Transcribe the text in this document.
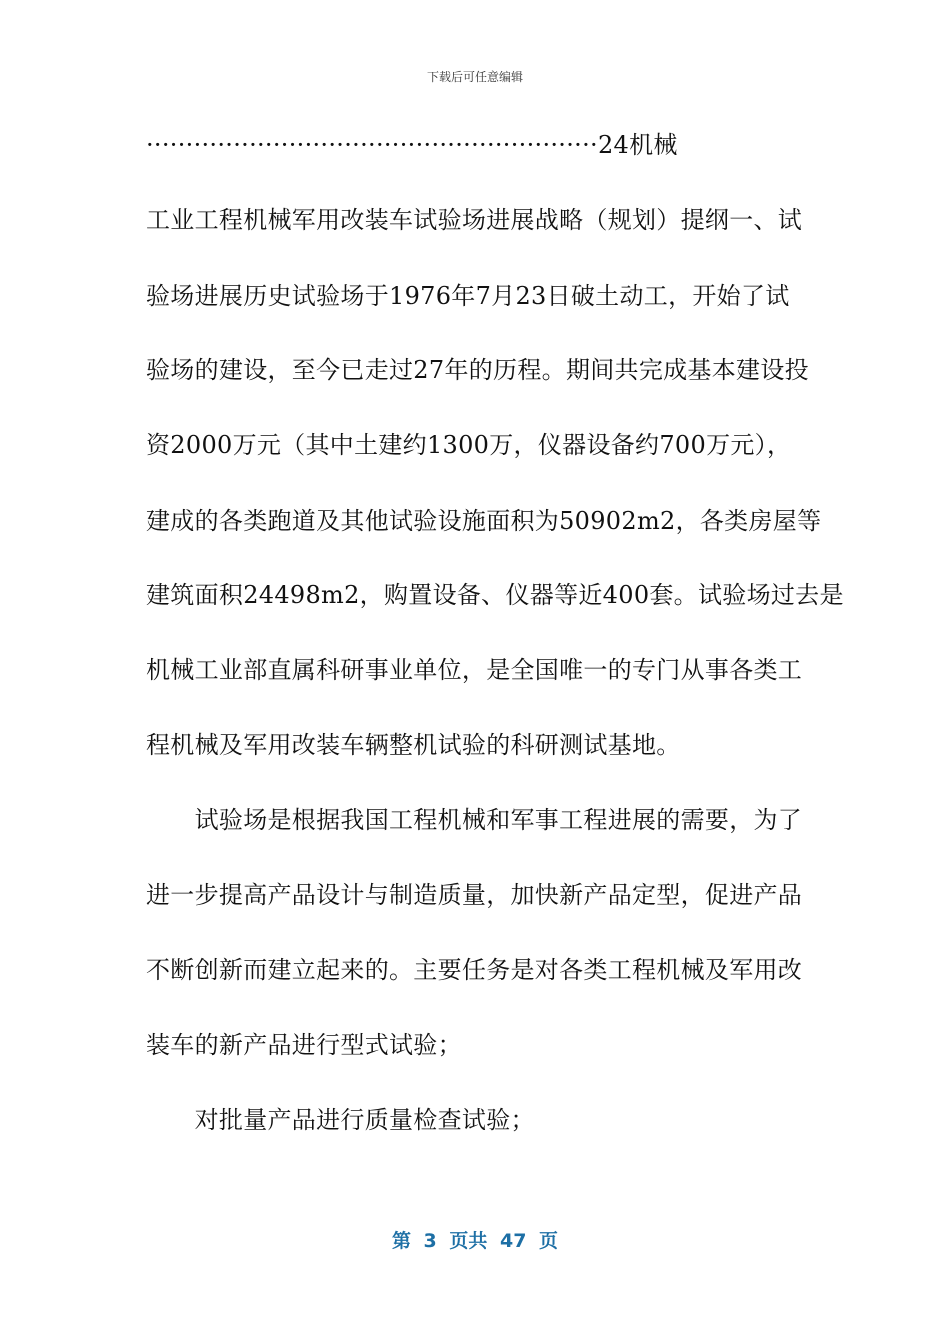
下载后可任意编辑
·························································24机械
工业工程机械军用改装车试验场进展战略（规划）提纲一、试
验场进展历史试验场于1976年7月23日破土动工，开始了试
验场的建设，至今已走过27年的历程。期间共完成基本建设投
资2000万元（其中土建约1300万，仪器设备约700万元），
建成的各类跑道及其他试验设施面积为50902m2，各类房屋等
建筑面积24498m2，购置设备、仪器等近400套。试验场过去是
机械工业部直属科研事业单位，是全国唯一的专门从事各类工
程机械及军用改装车辆整机试验的科研测试基地。
　　试验场是根据我国工程机械和军事工程进展的需要，为了
进一步提高产品设计与制造质量，加快新产品定型，促进产品
不断创新而建立起来的。主要任务是对各类工程机械及军用改
装车的新产品进行型式试验；
　　对批量产品进行质量检查试验；
第 3 页共 47 页
